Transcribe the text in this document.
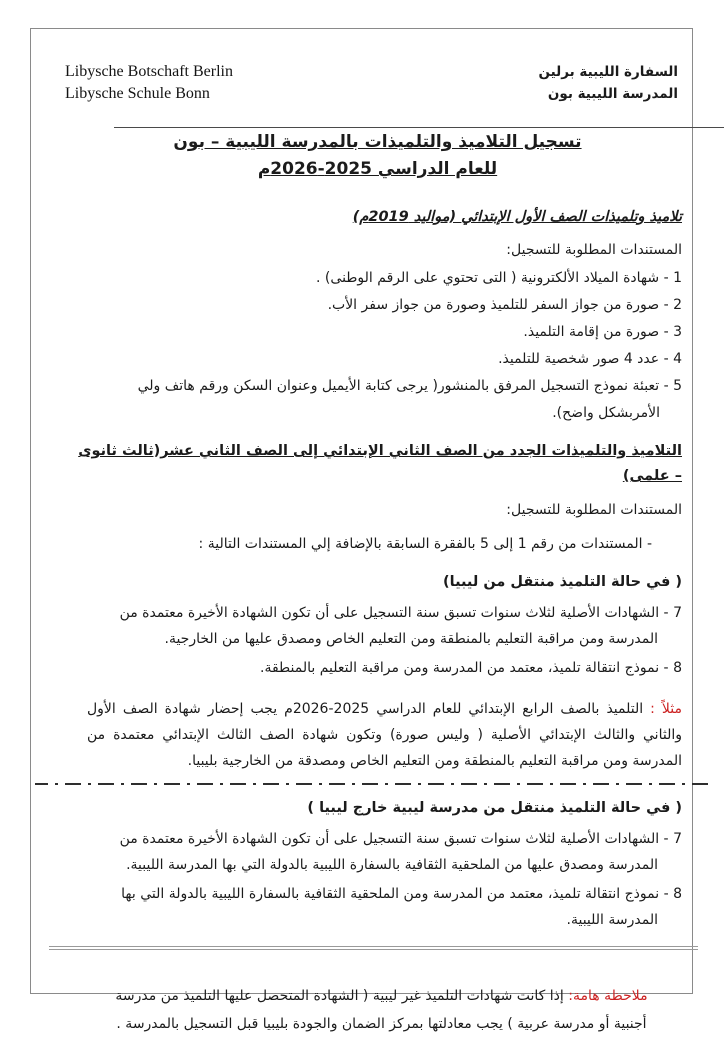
Libysche Botschaft Berlin
Libysche Schule Bonn
السفارة الليبية برلين
المدرسة الليبية بون
تسجيل التلاميذ والتلميذات بالمدرسة الليبية – بون
للعام الدراسي 2025-2026م
تلاميذ وتلميذات الصف الأول الإبتدائي (مواليد 2019م)
المستندات المطلوبة للتسجيل:
1 - شهادة الميلاد الألكترونية ( التى تحتوي على الرقم الوطنى) .
2 - صورة من جواز السفر للتلميذ وصورة من جواز سفر الأب.
3 - صورة من إقامة التلميذ.
4 - عدد 4 صور شخصية للتلميذ.
5 - تعبئة نموذج التسجيل المرفق بالمنشور( يرجى كتابة الأيميل وعنوان السكن ورقم هاتف ولي الأمربشكل واضح).
التلاميذ والتلميذات الجدد من الصف الثاني الإبتدائي إلى الصف الثاني عشر(ثالث ثانوى – علمى)
المستندات المطلوبة للتسجيل:
- المستندات من رقم 1 إلى 5 بالفقرة السابقة بالإضافة إلي المستندات التالية :
( في حالة التلميذ منتقل من ليبيا)
7 - الشهادات الأصلية لثلاث سنوات تسبق سنة التسجيل على أن تكون الشهادة الأخيرة معتمدة من المدرسة ومن مراقبة التعليم بالمنطقة ومن التعليم الخاص ومصدق عليها من الخارجية.
8 - نموذج انتقالة تلميذ، معتمد من المدرسة ومن مراقبة التعليم بالمنطقة.
مثلاً : التلميذ بالصف الرابع الإبتدائي للعام الدراسي 2025-2026م يجب إحضار شهادة الصف الأول والثاني والثالث الإبتدائي الأصلية ( وليس صورة) وتكون شهادة الصف الثالث الإبتدائي معتمدة من المدرسة ومن مراقبة التعليم بالمنطقة ومن التعليم الخاص ومصدقة من الخارجية بليبيا.
( في حالة التلميذ منتقل من مدرسة ليبية خارج ليبيا )
7 - الشهادات الأصلية لثلاث سنوات تسبق سنة التسجيل على أن تكون الشهادة الأخيرة معتمدة من المدرسة ومصدق عليها من الملحقية الثقافية بالسفارة الليبية بالدولة التي بها المدرسة الليبية.
8 - نموذج انتقالة تلميذ، معتمد من المدرسة ومن الملحقية الثقافية بالسفارة الليبية بالدولة التي بها المدرسة الليبية.
ملاحظة هامة: إذا كانت شهادات التلميذ غير ليبية ( الشهادة المتحصل عليها التلميذ من مدرسة أجنبية أو مدرسة عربية ) يجب معادلتها بمركز الضمان والجودة بليبيا قبل التسجيل بالمدرسة .
